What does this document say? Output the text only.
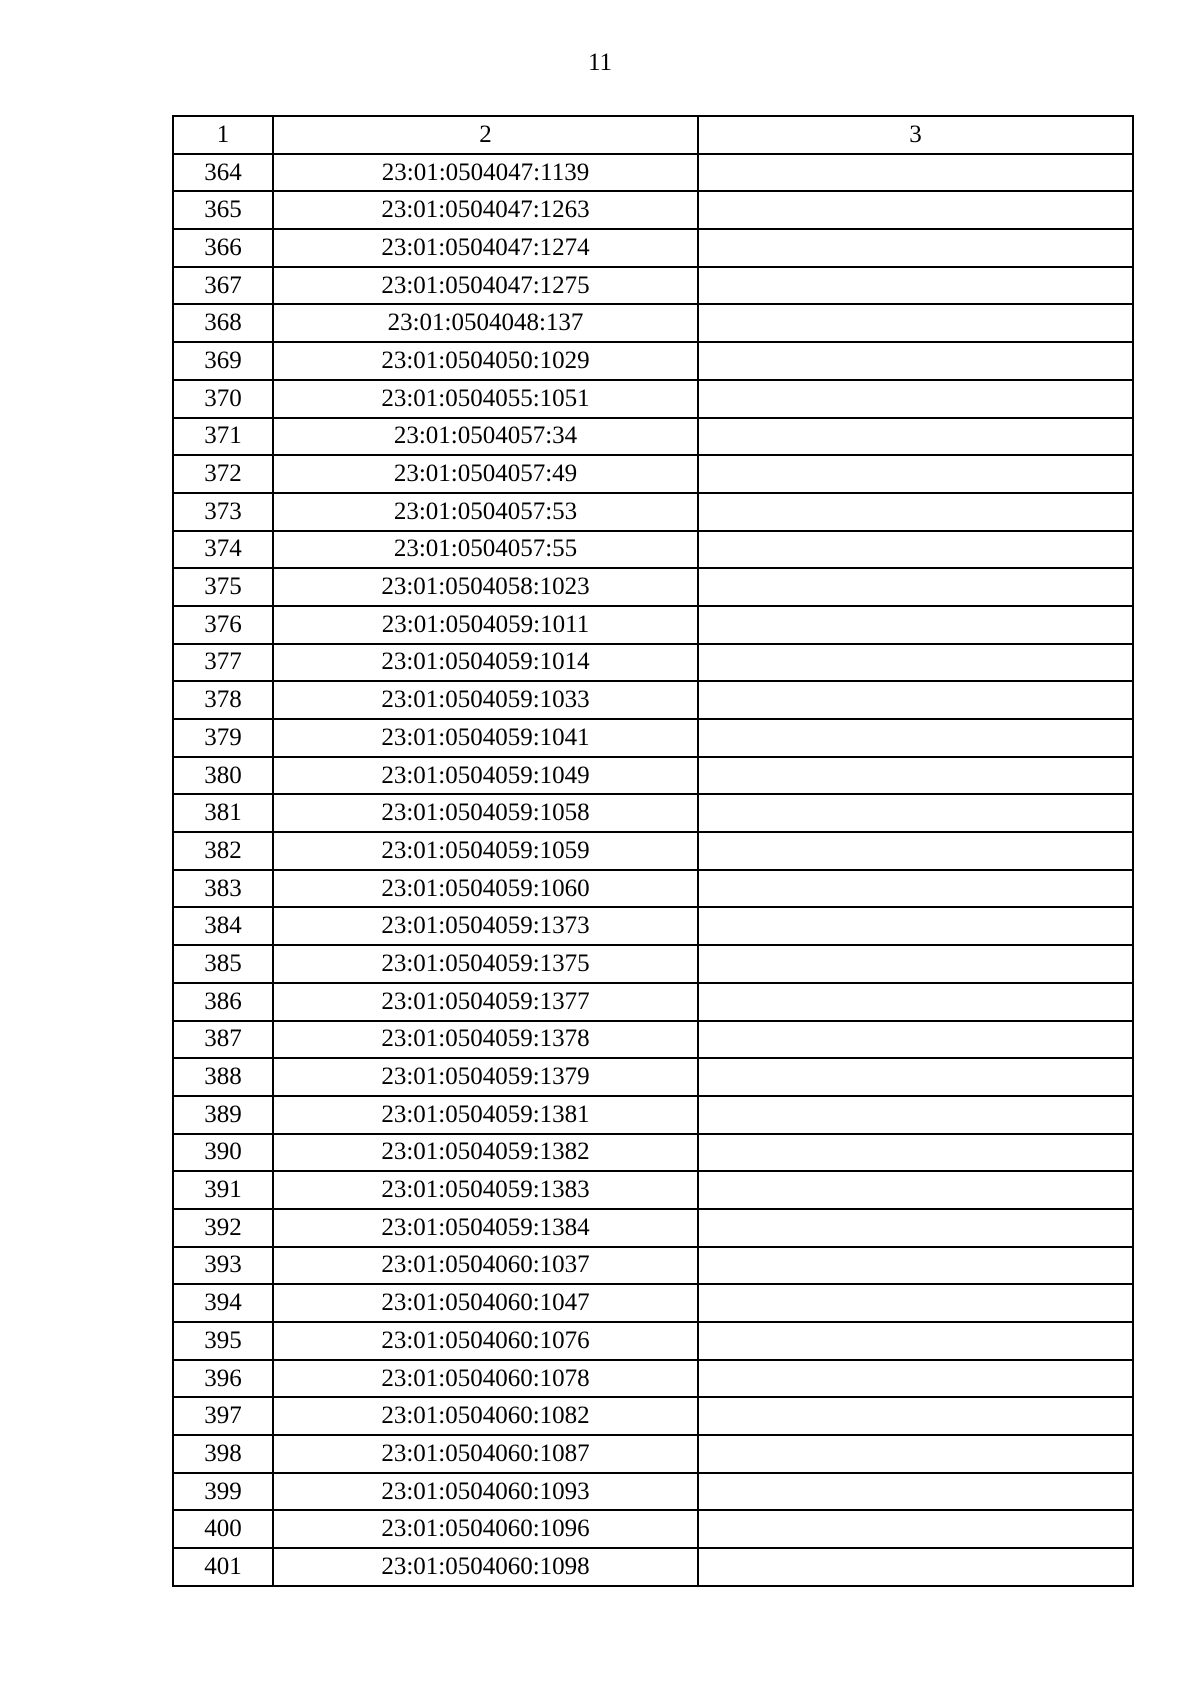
11
1	2	3
364	23:01:0504047:1139	
365	23:01:0504047:1263	
366	23:01:0504047:1274	
367	23:01:0504047:1275	
368	23:01:0504048:137	
369	23:01:0504050:1029	
370	23:01:0504055:1051	
371	23:01:0504057:34	
372	23:01:0504057:49	
373	23:01:0504057:53	
374	23:01:0504057:55	
375	23:01:0504058:1023	
376	23:01:0504059:1011	
377	23:01:0504059:1014	
378	23:01:0504059:1033	
379	23:01:0504059:1041	
380	23:01:0504059:1049	
381	23:01:0504059:1058	
382	23:01:0504059:1059	
383	23:01:0504059:1060	
384	23:01:0504059:1373	
385	23:01:0504059:1375	
386	23:01:0504059:1377	
387	23:01:0504059:1378	
388	23:01:0504059:1379	
389	23:01:0504059:1381	
390	23:01:0504059:1382	
391	23:01:0504059:1383	
392	23:01:0504059:1384	
393	23:01:0504060:1037	
394	23:01:0504060:1047	
395	23:01:0504060:1076	
396	23:01:0504060:1078	
397	23:01:0504060:1082	
398	23:01:0504060:1087	
399	23:01:0504060:1093	
400	23:01:0504060:1096	
401	23:01:0504060:1098	
